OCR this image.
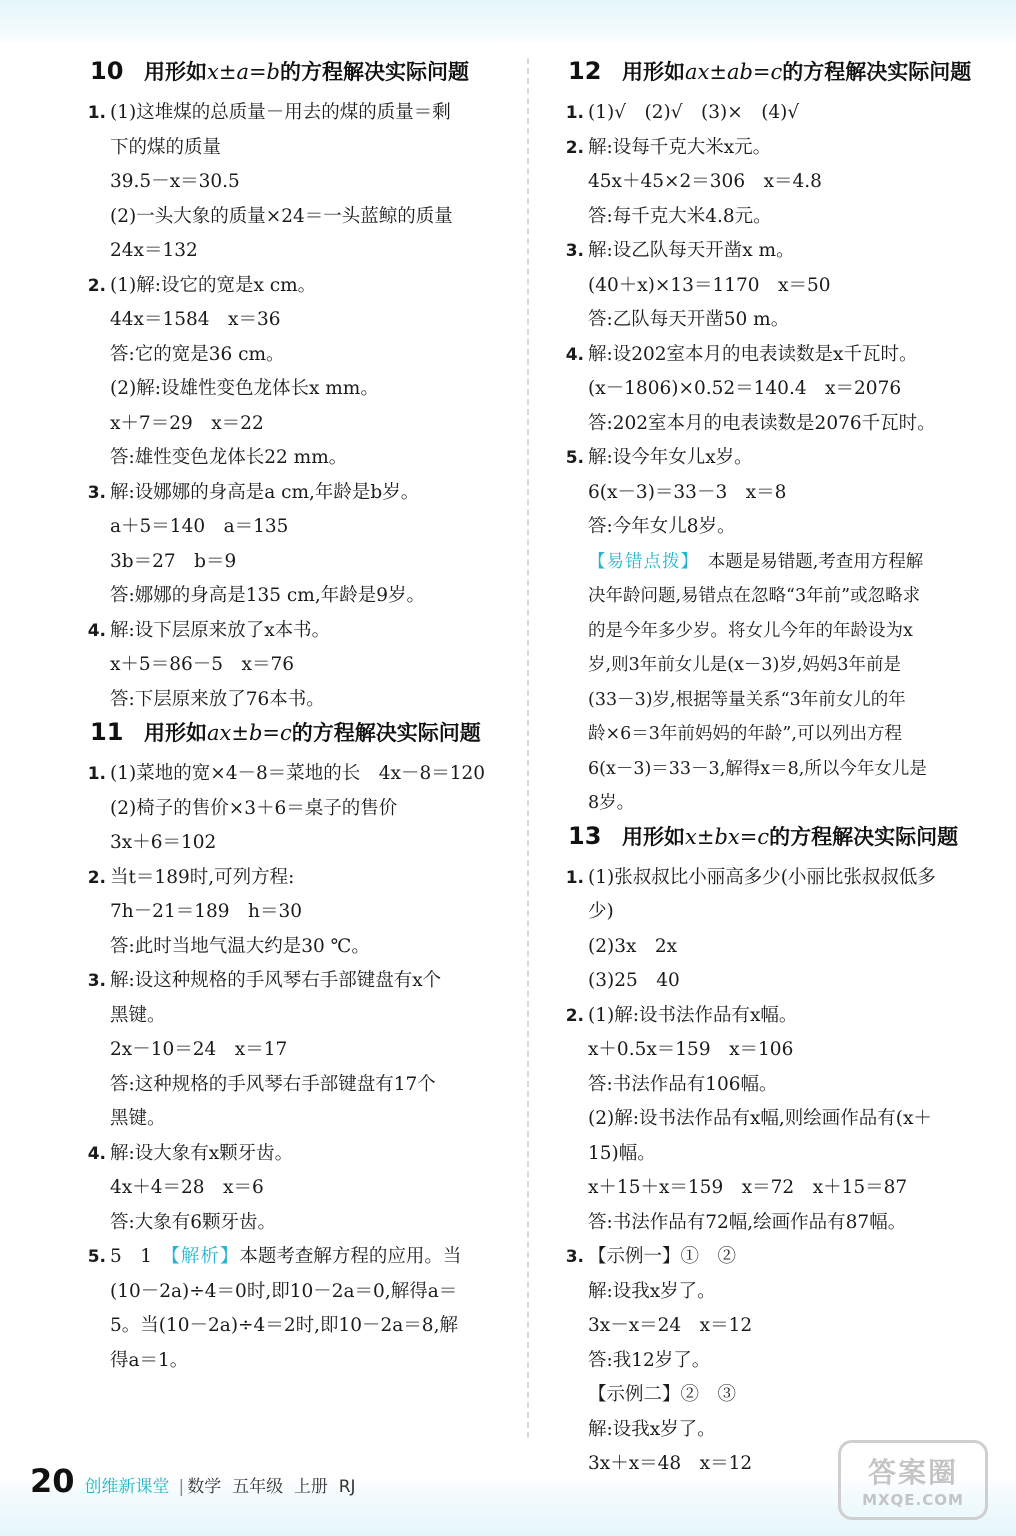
10 用形如x±a=b的方程解决实际问题
1. (1)这堆煤的总质量－用去的煤的质量＝剩
下的煤的质量
39.5－x＝30.5
(2)一头大象的质量×24＝一头蓝鲸的质量
24x＝132
2. (1)解:设它的宽是x cm。
44x＝1584　x＝36
答:它的宽是36 cm。
(2)解:设雄性变色龙体长x mm。
x＋7＝29　x＝22
答:雄性变色龙体长22 mm。
3. 解:设娜娜的身高是a cm,年龄是b岁。
a＋5＝140　a＝135
3b＝27　b＝9
答:娜娜的身高是135 cm,年龄是9岁。
4. 解:设下层原来放了x本书。
x＋5＝86－5　x＝76
答:下层原来放了76本书。
11 用形如ax±b=c的方程解决实际问题
1. (1)菜地的宽×4－8＝菜地的长　4x－8＝120
(2)椅子的售价×3＋6＝桌子的售价
3x＋6＝102
2. 当t＝189时,可列方程:
7h－21＝189　h＝30
答:此时当地气温大约是30 ℃。
3. 解:设这种规格的手风琴右手部键盘有x个
黑键。
2x－10＝24　x＝17
答:这种规格的手风琴右手部键盘有17个
黑键。
4. 解:设大象有x颗牙齿。
4x＋4＝28　x＝6
答:大象有6颗牙齿。
5. 5　1　 【解析】本题考查解方程的应用。当
(10－2a)÷4＝0时,即10－2a＝0,解得a＝
5。当(10－2a)÷4＝2时,即10－2a＝8,解
得a＝1。
12 用形如ax±ab=c的方程解决实际问题
1. (1)√　(2)√　(3)×　(4)√
2. 解:设每千克大米x元。
45x＋45×2＝306　x＝4.8
答:每千克大米4.8元。
3. 解:设乙队每天开凿x m。
(40＋x)×13＝1170　x＝50
答:乙队每天开凿50 m。
4. 解:设202室本月的电表读数是x千瓦时。
(x－1806)×0.52＝140.4　x＝2076
答:202室本月的电表读数是2076千瓦时。
5. 解:设今年女儿x岁。
6(x－3)＝33－3　x＝8
答:今年女儿8岁。
【易错点拨】　 本题是易错题,考查用方程解
决年龄问题,易错点在忽略“3年前”或忽略求
的是今年多少岁。将女儿今年的年龄设为x
岁,则3年前女儿是(x－3)岁,妈妈3年前是
(33－3)岁,根据等量关系“3年前女儿的年
龄×6＝3年前妈妈的年龄”,可以列出方程
6(x－3)＝33－3,解得x＝8,所以今年女儿是
8岁。
13 用形如x±bx=c的方程解决实际问题
1. (1)张叔叔比小丽高多少(小丽比张叔叔低多
少)
(2)3x　2x
(3)25　40
2. (1)解:设书法作品有x幅。
x＋0.5x＝159　x＝106
答:书法作品有106幅。
(2)解:设书法作品有x幅,则绘画作品有(x＋
15)幅。
x＋15＋x＝159　x＝72　x＋15＝87
答:书法作品有72幅,绘画作品有87幅。
3. 【示例一】①　②
解:设我x岁了。
3x－x＝24　x＝12
答:我12岁了。
【示例二】②　③
解:设我x岁了。
3x＋x＝48　x＝12
20 创维新课堂 | 数学 五年级 上册 RJ	答案圈
MXQE.COM
